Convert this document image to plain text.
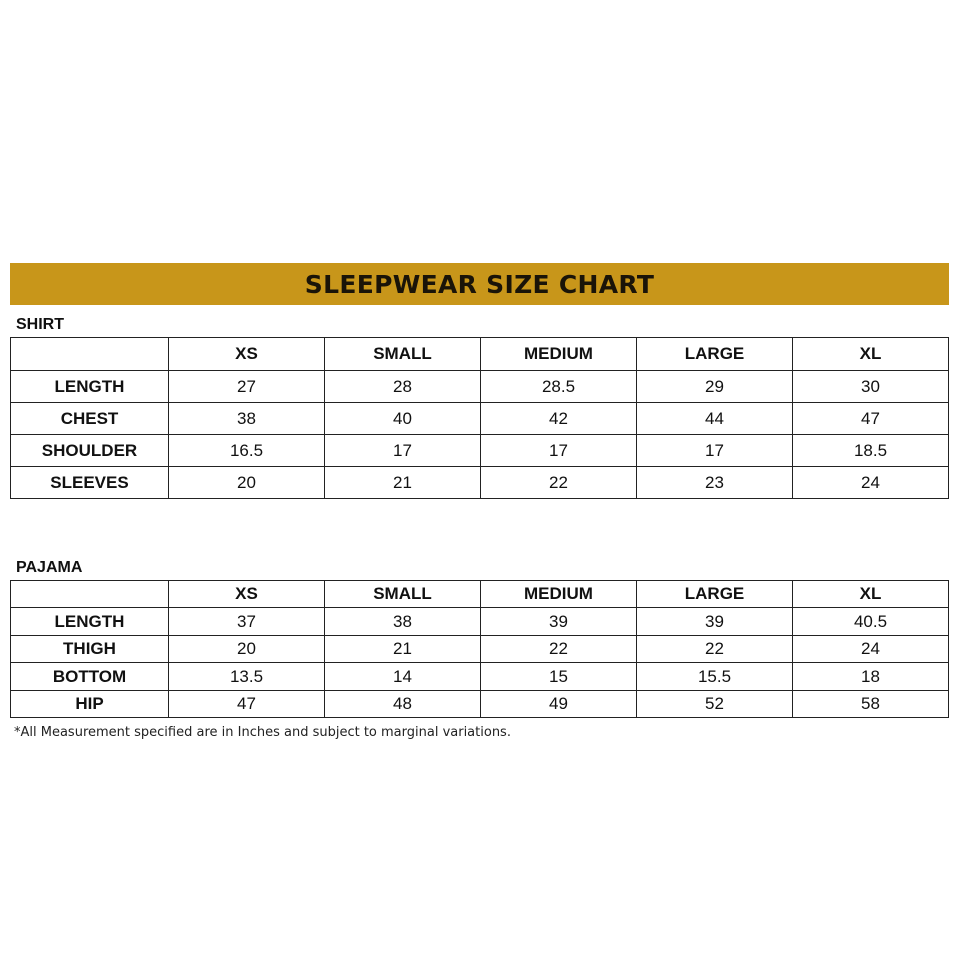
SLEEPWEAR SIZE CHART
SHIRT
	XS	SMALL	MEDIUM	LARGE	XL
LENGTH	27	28	28.5	29	30
CHEST	38	40	42	44	47
SHOULDER	16.5	17	17	17	18.5
SLEEVES	20	21	22	23	24
PAJAMA
	XS	SMALL	MEDIUM	LARGE	XL
LENGTH	37	38	39	39	40.5
THIGH	20	21	22	22	24
BOTTOM	13.5	14	15	15.5	18
HIP	47	48	49	52	58
*All Measurement specified are in Inches and subject to marginal variations.
